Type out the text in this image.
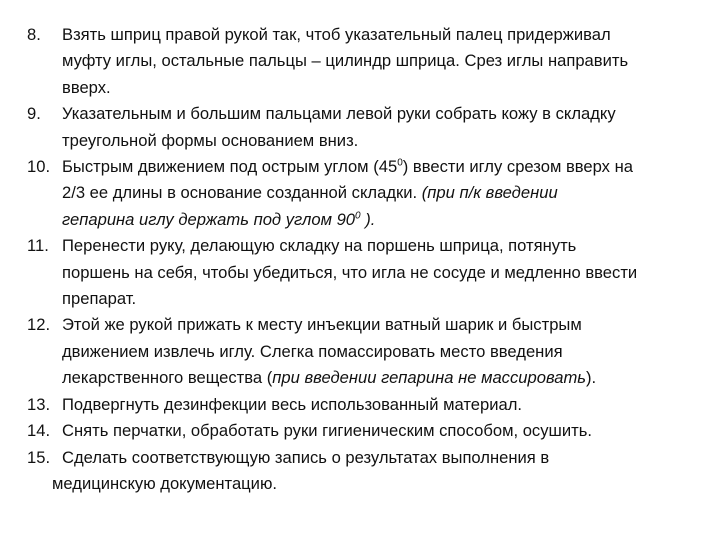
8. Взять шприц правой рукой так, чтоб указательный палец придерживал
муфту иглы, остальные пальцы – цилиндр шприца. Срез иглы направить
вверх.
9. Указательным и большим пальцами левой руки собрать кожу в складку
треугольной формы основанием вниз.
10. Быстрым движением под острым углом $(45^0)$ ввести иглу срезом вверх на
2/3 ее длины в основание созданной складки. (при п/к введении
гепарина иглу держать под углом $90^0$ ).
11. Перенести руку, делающую складку на поршень шприца, потянуть
поршень на себя, чтобы убедиться, что игла не сосуде и медленно ввести
препарат.
12. Этой же рукой прижать к месту инъекции ватный шарик и быстрым
движением извлечь иглу. Слегка помассировать место введения
лекарственного вещества (при введении гепарина не массировать).
13. Подвергнуть дезинфекции весь использованный материал.
14. Снять перчатки, обработать руки гигиеническим способом, осушить.
15. Сделать соответствующую запись о результатах выполнения в
медицинскую документацию.
